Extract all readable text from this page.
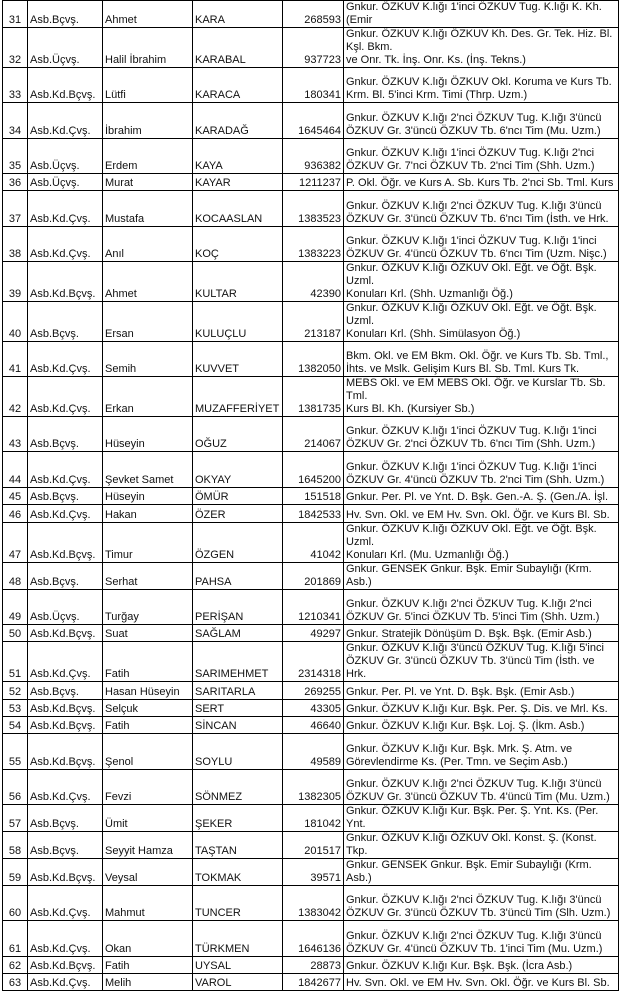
31	Asb.Bçvş.	Ahmet	KARA	268593	Gnkur. ÖZKUV K.lığı 1'inci ÖZKUV Tug. K.lığı K. Kh. (Emir

32	Asb.Üçvş.	Halil İbrahim	KARABAL	937723	Gnkur. ÖZKUV K.lığı ÖZKUV Kh. Des. Gr. Tek. Hiz. Bl. Kşl. Bkm.
ve Onr. Tk. İnş. Onr. Ks. (İnş. Tekns.)

33	Asb.Kd.Bçvş.	Lütfi	KARACA	180341	Gnkur. ÖZKUV K.lığı ÖZKUV Okl. Koruma ve Kurs Tb.
Krm. Bl. 5'inci Krm. Timi (Thrp. Uzm.)

34	Asb.Kd.Çvş.	İbrahim	KARADAĞ	1645464	Gnkur. ÖZKUV K.lığı 2'nci ÖZKUV Tug. K.lığı 3'üncü
ÖZKUV Gr. 3'üncü ÖZKUV Tb. 6'ncı Tim (Mu. Uzm.)

35	Asb.Üçvş.	Erdem	KAYA	936382	Gnkur. ÖZKUV K.lığı 1'inci ÖZKUV Tug. K.lığı 2'nci
ÖZKUV Gr. 7'nci ÖZKUV Tb. 2'nci Tim (Shh. Uzm.)

36	Asb.Üçvş.	Murat	KAYAR	1211237	P. Okl. Öğr. ve Kurs A. Sb. Kurs Tb. 2'nci Sb. Tml. Kurs

37	Asb.Kd.Çvş.	Mustafa	KOCAASLAN	1383523	Gnkur. ÖZKUV K.lığı 2'nci ÖZKUV Tug. K.lığı 3'üncü
ÖZKUV Gr. 3'üncü ÖZKUV Tb. 6'ncı Tim (İsth. ve Hrk.

38	Asb.Kd.Çvş.	Anıl	KOÇ	1383223	Gnkur. ÖZKUV K.lığı 1'inci ÖZKUV Tug. K.lığı 1'inci
ÖZKUV Gr. 4'üncü ÖZKUV Tb. 6'ncı Tim (Uzm. Nişc.)

39	Asb.Kd.Bçvş.	Ahmet	KULTAR	42390	Gnkur. ÖZKUV K.lığı ÖZKUV Okl. Eğt. ve Öğt. Bşk. Uzml.
Konuları Krl. (Shh. Uzmanlığı Öğ.)

40	Asb.Bçvş.	Ersan	KULUÇLU	213187	Gnkur. ÖZKUV K.lığı ÖZKUV Okl. Eğt. ve Öğt. Bşk. Uzml.
Konuları Krl. (Shh. Simülasyon Öğ.)

41	Asb.Kd.Çvş.	Semih	KUVVET	1382050	Bkm. Okl. ve EM Bkm. Okl. Öğr. ve Kurs Tb. Sb. Tml.,
İhts. ve Mslk. Gelişim Kurs Bl. Sb. Tml. Kurs Tk.

42	Asb.Kd.Çvş.	Erkan	MUZAFFERİYET	1381735	MEBS Okl. ve EM MEBS Okl. Öğr. ve Kurslar Tb. Sb. Tml.
Kurs Bl. Kh. (Kursiyer Sb.)

43	Asb.Bçvş.	Hüseyin	OĞUZ	214067	Gnkur. ÖZKUV K.lığı 1'inci ÖZKUV Tug. K.lığı 1'inci
ÖZKUV Gr. 2'nci ÖZKUV Tb. 6'ncı Tim (Shh. Uzm.)

44	Asb.Kd.Çvş.	Şevket Samet	OKYAY	1645200	Gnkur. ÖZKUV K.lığı 1'inci ÖZKUV Tug. K.lığı 1'inci
ÖZKUV Gr. 4'üncü ÖZKUV Tb. 2'nci Tim (Shh. Uzm.)

45	Asb.Bçvş.	Hüseyin	ÖMÜR	151518	Gnkur. Per. Pl. ve Ynt. D. Bşk. Gen.-A. Ş. (Gen./A. İşl.

46	Asb.Kd.Çvş.	Hakan	ÖZER	1842533	Hv. Svn. Okl. ve EM Hv. Svn. Okl. Öğr. ve Kurs Bl. Sb.

47	Asb.Kd.Bçvş.	Timur	ÖZGEN	41042	Gnkur. ÖZKUV K.lığı ÖZKUV Okl. Eğt. ve Öğt. Bşk. Uzml.
Konuları Krl. (Mu. Uzmanlığı Öğ.)

48	Asb.Bçvş.	Serhat	PAHSA	201869	Gnkur. GENSEK Gnkur. Bşk. Emir Subaylığı (Krm. Asb.)

49	Asb.Üçvş.	Turğay	PERİŞAN	1210341	Gnkur. ÖZKUV K.lığı 2'nci ÖZKUV Tug. K.lığı 2'nci
ÖZKUV Gr. 5'inci ÖZKUV Tb. 5'inci Tim (Shh. Uzm.)

50	Asb.Kd.Bçvş.	Suat	SAĞLAM	49297	Gnkur. Stratejik Dönüşüm D. Bşk. Bşk. (Emir Asb.)

51	Asb.Kd.Çvş.	Fatih	SARIMEHMET	2314318	Gnkur. ÖZKUV K.lığı 3'üncü ÖZKUV Tug. K.lığı 5'inci
ÖZKUV Gr. 3'üncü ÖZKUV Tb. 3'üncü Tim (İsth. ve Hrk.

52	Asb.Bçvş.	Hasan Hüseyin	SARITARLA	269255	Gnkur. Per. Pl. ve Ynt. D. Bşk. Bşk. (Emir Asb.)

53	Asb.Kd.Bçvş.	Selçuk	SERT	43305	Gnkur. ÖZKUV K.lığı Kur. Bşk. Per. Ş. Dis. ve Mrl. Ks.

54	Asb.Kd.Bçvş.	Fatih	SİNCAN	46640	Gnkur. ÖZKUV K.lığı Kur. Bşk. Loj. Ş. (İkm. Asb.)

55	Asb.Kd.Bçvş.	Şenol	SOYLU	49589	Gnkur. ÖZKUV K.lığı Kur. Bşk. Mrk. Ş. Atm. ve
Görevlendirme Ks. (Per. Tmn. ve Seçim Asb.)

56	Asb.Kd.Çvş.	Fevzi	SÖNMEZ	1382305	Gnkur. ÖZKUV K.lığı 2'nci ÖZKUV Tug. K.lığı 3'üncü
ÖZKUV Gr. 3'üncü ÖZKUV Tb. 4'üncü Tim (Mu. Uzm.)

57	Asb.Bçvş.	Ümit	ŞEKER	181042	Gnkur. ÖZKUV K.lığı Kur. Bşk. Per. Ş. Ynt. Ks. (Per. Ynt.

58	Asb.Bçvş.	Seyyit Hamza	TAŞTAN	201517	Gnkur. ÖZKUV K.lığı ÖZKUV Okl. Konst. Ş. (Konst. Tkp.

59	Asb.Kd.Bçvş.	Veysal	TOKMAK	39571	Gnkur. GENSEK Gnkur. Bşk. Emir Subaylığı (Krm. Asb.)

60	Asb.Kd.Çvş.	Mahmut	TUNCER	1383042	Gnkur. ÖZKUV K.lığı 2'nci ÖZKUV Tug. K.lığı 3'üncü
ÖZKUV Gr. 3'üncü ÖZKUV Tb. 3'üncü Tim (Slh. Uzm.)

61	Asb.Kd.Çvş.	Okan	TÜRKMEN	1646136	Gnkur. ÖZKUV K.lığı 2'nci ÖZKUV Tug. K.lığı 3'üncü
ÖZKUV Gr. 4'üncü ÖZKUV Tb. 1'inci Tim (Mu. Uzm.)

62	Asb.Kd.Bçvş.	Fatih	UYSAL	28873	Gnkur. ÖZKUV K.lığı Kur. Bşk. Bşk. (İcra Asb.)

63	Asb.Kd.Çvş.	Melih	VAROL	1842677	Hv. Svn. Okl. ve EM Hv. Svn. Okl. Öğr. ve Kurs Bl. Sb.
